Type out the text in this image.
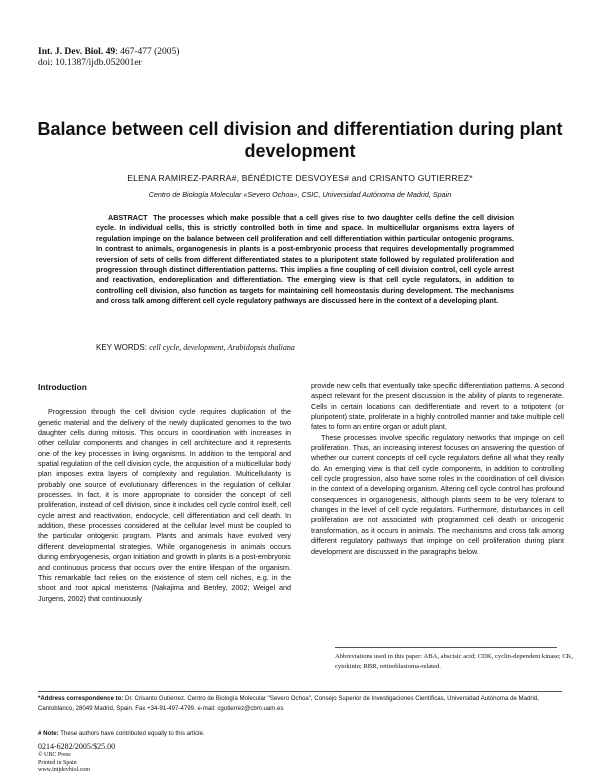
Int. J. Dev. Biol. 49: 467-477 (2005)
doi: 10.1387/ijdb.052001er
Balance between cell division and differentiation during plant
development
ELENA RAMIREZ-PARRA#, BÉNÉDICTE DESVOYES# and CRISANTO GUTIERREZ*
Centro de Biología Molecular «Severo Ochoa», CSIC, Universidad Autónoma de Madrid, Spain
ABSTRACT The processes which make possible that a cell gives rise to two daughter cells define the cell division cycle. In individual cells, this is strictly controlled both in time and space. In multicellular organisms extra layers of regulation impinge on the balance between cell proliferation and cell differentiation within particular ontogenic programs. In contrast to animals, organogenesis in plants is a post-embryonic process that requires developmentally programmed reversion of sets of cells from different differentiated states to a pluripotent state followed by regulated proliferation and progression through distinct differentiation patterns. This implies a fine coupling of cell division control, cell cycle arrest and reactivation, endoreplication and differentiation. The emerging view is that cell cycle regulators, in addition to controlling cell division, also function as targets for maintaining cell homeostasis during development. The mechanisms and cross talk among different cell cycle regulatory pathways are discussed here in the context of a developing plant.
KEY WORDS: cell cycle, development, Arabidopsis thaliana
Introduction

Progression through the cell division cycle requires duplication of the genetic material and the delivery of the newly duplicated genomes to the two daughter cells during mitosis. This occurs in coordination with increases in other cellular components and changes in cell architecture and it represents one of the key processes in living organisms. In addition to the temporal and spatial regulation of the cell division cycle, the acquisition of a multicellular body plan imposes extra layers of complexity and regulation. Multicellularity is probably one source of evolutionary differences in the regulation of cellular processes. In fact, it is more appropriate to consider the concept of cell proliferation, instead of cell division, since it includes cell cycle control itself, cell cycle arrest and reactivation, endocycle, cell differentiation and cell death. In addition, these processes considered at the cellular level must be coupled to the particular ontogenic program. Plants and animals have evolved very different developmental strategies. While organogenesis in animals occurs during embryogenesis, organ initiation and growth in plants is a post-embryonic and continuous process that occurs over the entire lifespan of the organism. This remarkable fact relies on the existence of stem cell niches, e.g. in the shoot and root apical meristems (Nakajima and Benfey, 2002; Weigel and Jurgens, 2002) that continuously

provide new cells that eventually take specific differentiation patterns. A second aspect relevant for the present discussion is the ability of plants to regenerate. Cells in certain locations can dedifferentiate and revert to a totipotent (or pluripotent) state, proliferate in a highly controlled manner and take multiple cell fates to form an entire organ or adult plant.

These processes involve specific regulatory networks that impinge on cell proliferation. Thus, an increasing interest focuses on answering the question of whether our current concepts of cell cycle regulators define all what they really do. An emerging view is that cell cycle components, in addition to controlling cell cycle progression, also have some roles in the coordination of cell division in the context of a developing organism. Altering cell cycle control has profound consequences in organogenesis, although plants seem to be very tolerant to changes in the level of cell cycle regulators. Furthermore, disturbances in cell proliferation are not associated with programmed cell death or oncogenic transformation, as it occurs in animals. The mechanisms and cross talk among different regulatory pathways that impinge on cell proliferation during plant development are discussed in the paragraphs below.

Abbreviations used in this paper: ABA, abscisic acid; CDK, cyclin-dependent kinase; CK, cytokinin; RBR, retinoblastoma-related.
*Address correspondence to: Dr. Crisanto Gutierrez. Centro de Biología Molecular "Severo Ochoa", Consejo Superior de Investigaciones Científicas, Universidad Autónoma de Madrid, Cantoblanco, 28049 Madrid, Spain. Fax +34-91-497-4799. e-mail: cgutierrez@cbm.uam.es
# Note: These authors have contributed equally to this article.
0214-6282/2005/$25.00
© UBC Press
Printed in Spain
www.intjdevbiol.com
